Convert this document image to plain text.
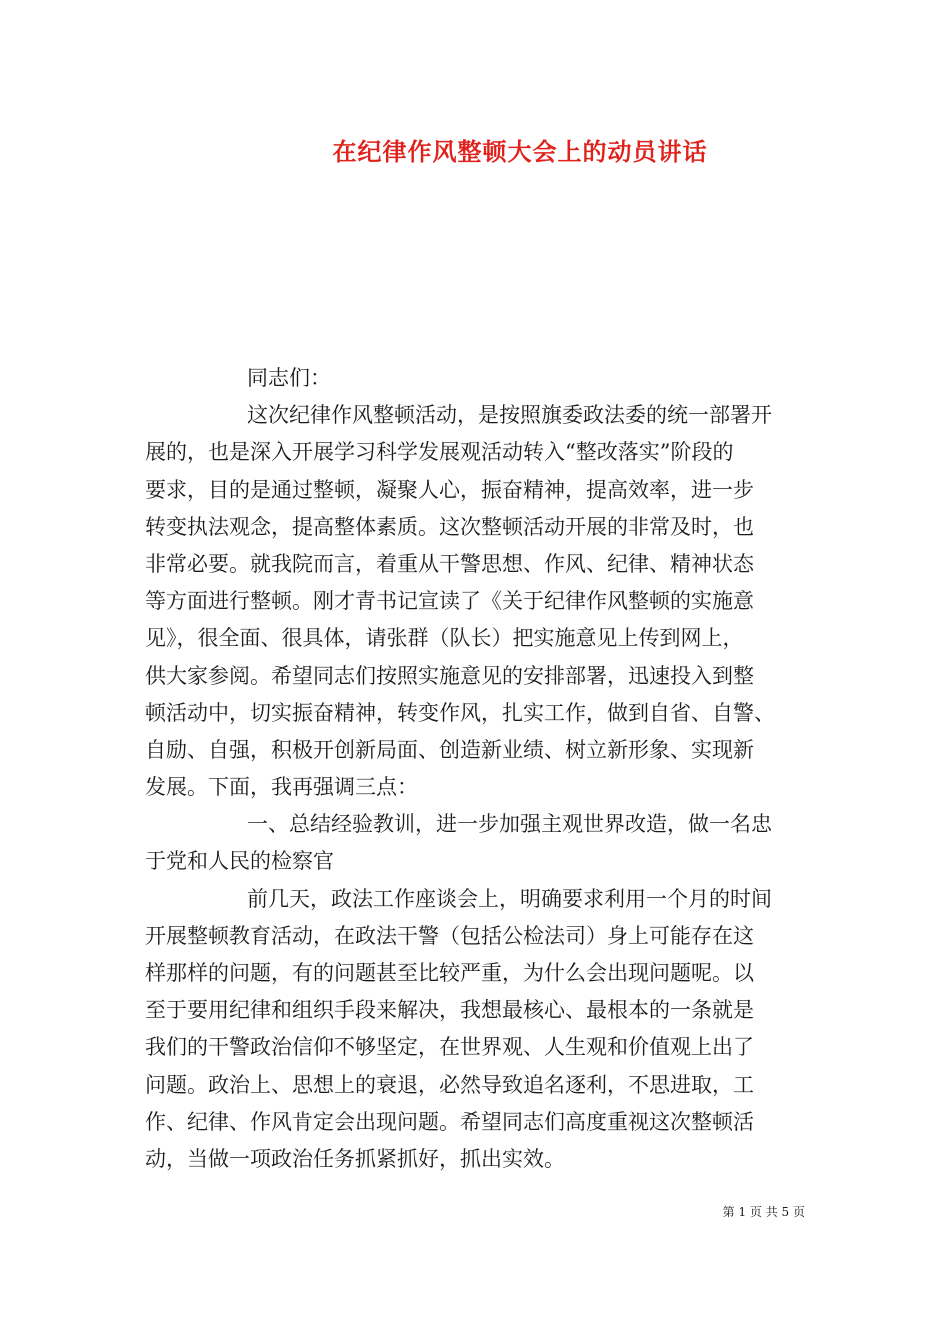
在纪律作风整顿大会上的动员讲话
同志们：
这次纪律作风整顿活动，是按照旗委政法委的统一部署开
展的，也是深入开展学习科学发展观活动转入“整改落实”阶段的
要求，目的是通过整顿，凝聚人心，振奋精神，提高效率，进一步
转变执法观念，提高整体素质。这次整顿活动开展的非常及时，也
非常必要。就我院而言，着重从干警思想、作风、纪律、精神状态
等方面进行整顿。刚才青书记宣读了《关于纪律作风整顿的实施意
见》，很全面、很具体，请张群（队长）把实施意见上传到网上，
供大家参阅。希望同志们按照实施意见的安排部署，迅速投入到整
顿活动中，切实振奋精神，转变作风，扎实工作，做到自省、自警、
自励、自强，积极开创新局面、创造新业绩、树立新形象、实现新
发展。下面，我再强调三点：
一、总结经验教训，进一步加强主观世界改造，做一名忠
于党和人民的检察官
前几天，政法工作座谈会上，明确要求利用一个月的时间
开展整顿教育活动，在政法干警（包括公检法司）身上可能存在这
样那样的问题，有的问题甚至比较严重，为什么会出现问题呢。以
至于要用纪律和组织手段来解决，我想最核心、最根本的一条就是
我们的干警政治信仰不够坚定，在世界观、人生观和价值观上出了
问题。政治上、思想上的衰退，必然导致追名逐利，不思进取，工
作、纪律、作风肯定会出现问题。希望同志们高度重视这次整顿活
动，当做一项政治任务抓紧抓好，抓出实效。
第 1 页 共 5 页
